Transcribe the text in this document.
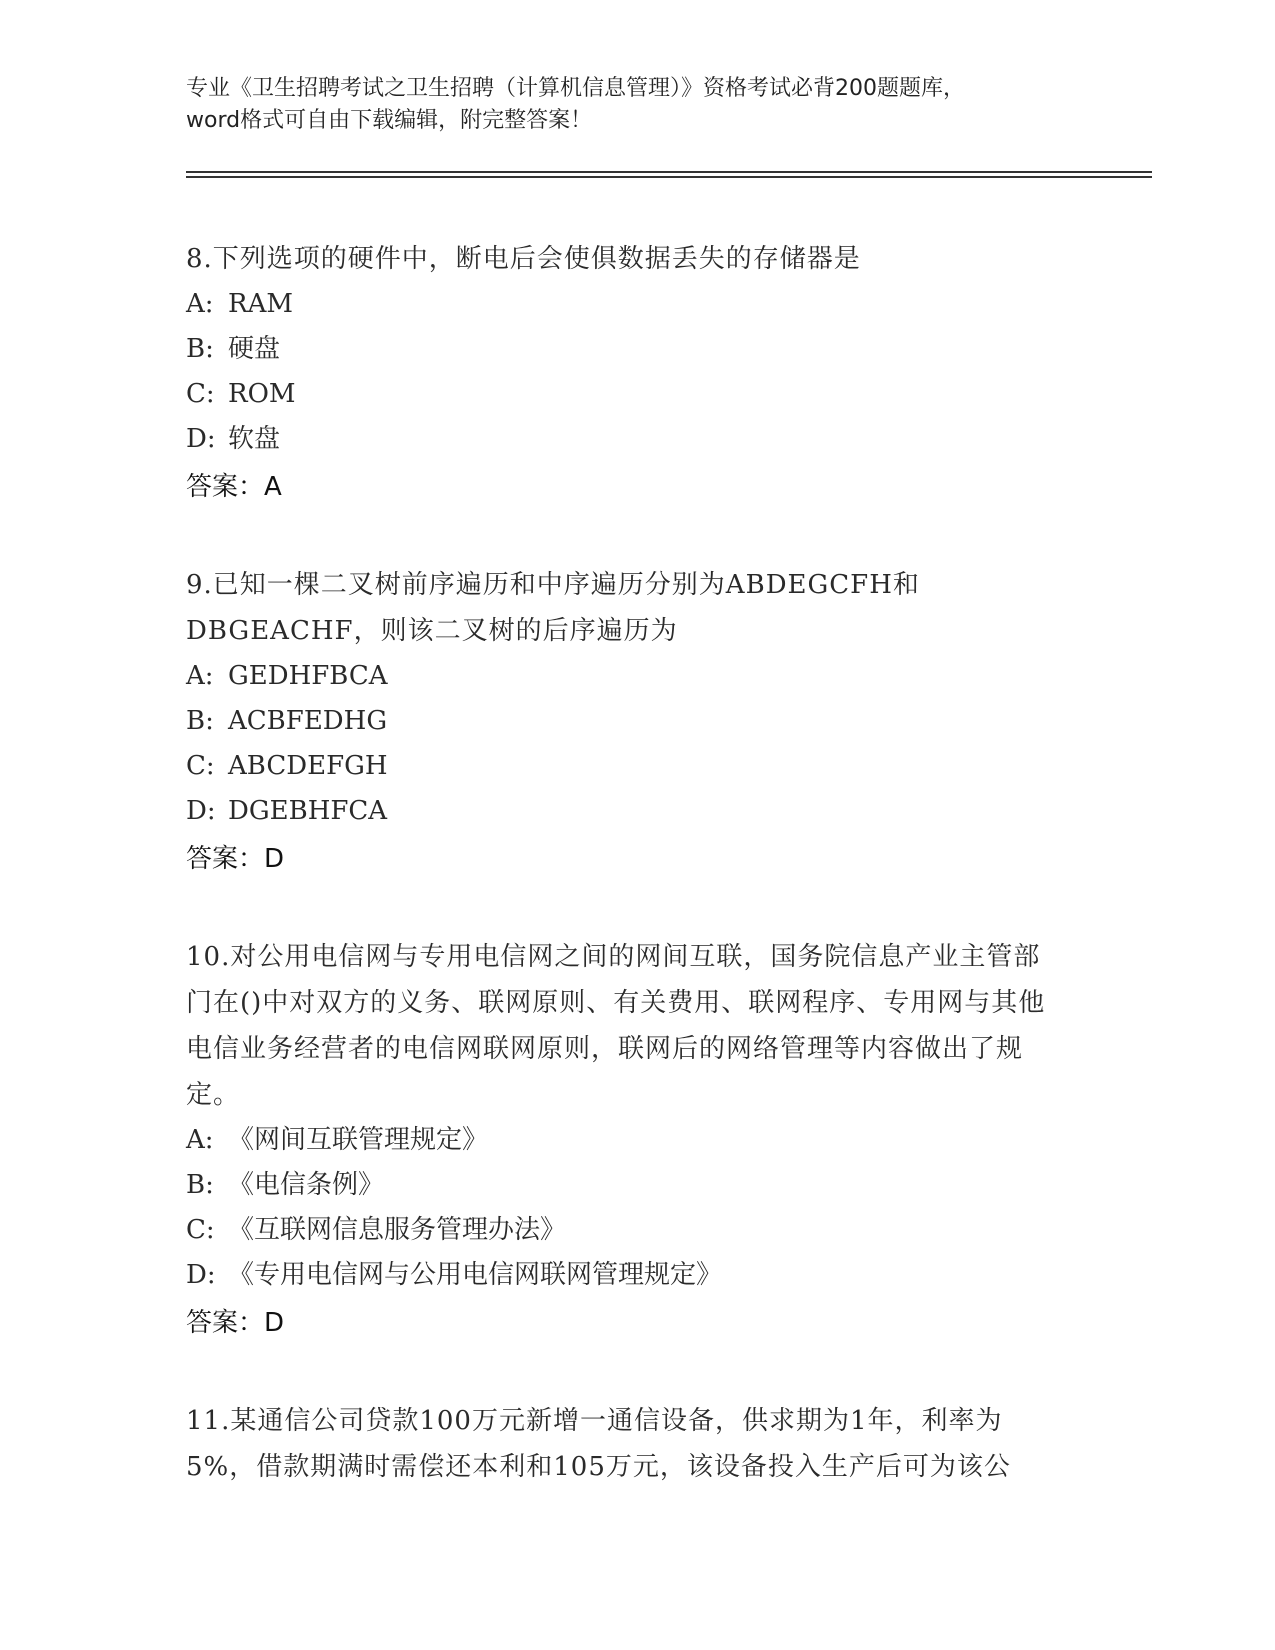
专业《卫生招聘考试之卫生招聘（计算机信息管理）》资格考试必背200题题库，
word格式可自由下载编辑，附完整答案！
8.下列选项的硬件中，断电后会使俱数据丢失的存储器是
A: RAM
B: 硬盘
C: ROM
D: 软盘
答案：A
9.已知一棵二叉树前序遍历和中序遍历分别为ABDEGCFH和DBGEACHF，则该二叉树的后序遍历为
A: GEDHFBCA
B: ACBFEDHG
C: ABCDEFGH
D: DGEBHFCA
答案：D
10.对公用电信网与专用电信网之间的网间互联，国务院信息产业主管部门在()中对双方的义务、联网原则、有关费用、联网程序、专用网与其他电信业务经营者的电信网联网原则，联网后的网络管理等内容做出了规定。
A: 《网间互联管理规定》
B: 《电信条例》
C: 《互联网信息服务管理办法》
D: 《专用电信网与公用电信网联网管理规定》
答案：D
11.某通信公司贷款100万元新增一通信设备，供求期为1年，利率为5%，借款期满时需偿还本利和105万元，该设备投入生产后可为该公
